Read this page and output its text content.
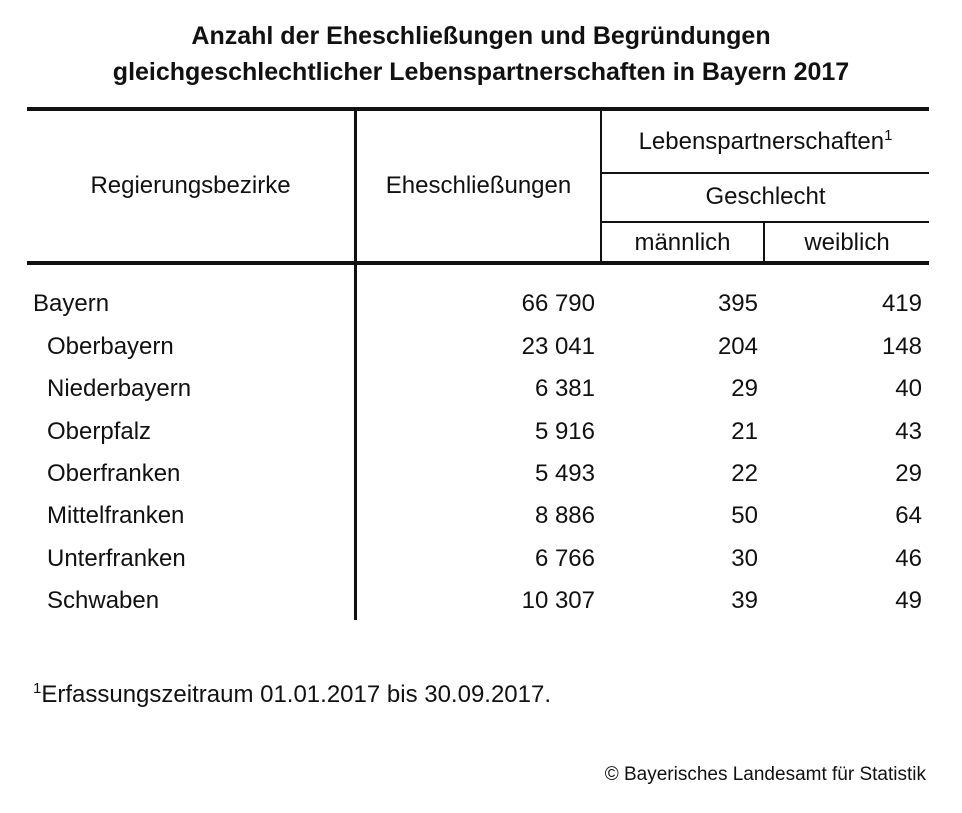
Anzahl der Eheschließungen und Begründungen
gleichgeschlechtlicher Lebenspartnerschaften in Bayern 2017
Regierungsbezirke	Eheschließungen
Lebenspartnerschaften$^1$
Geschlecht
männlich	weiblich
Bayern	66 790	395	419
Oberbayern	23 041	204	148
Niederbayern	6 381	29	40
Oberpfalz	5 916	21	43
Oberfranken	5 493	22	29
Mittelfranken	8 886	50	64
Unterfranken	6 766	30	46
Schwaben	10 307	39	49
$^1$Erfassungszeitraum 01.01.2017 bis 30.09.2017.
© Bayerisches Landesamt für Statistik
